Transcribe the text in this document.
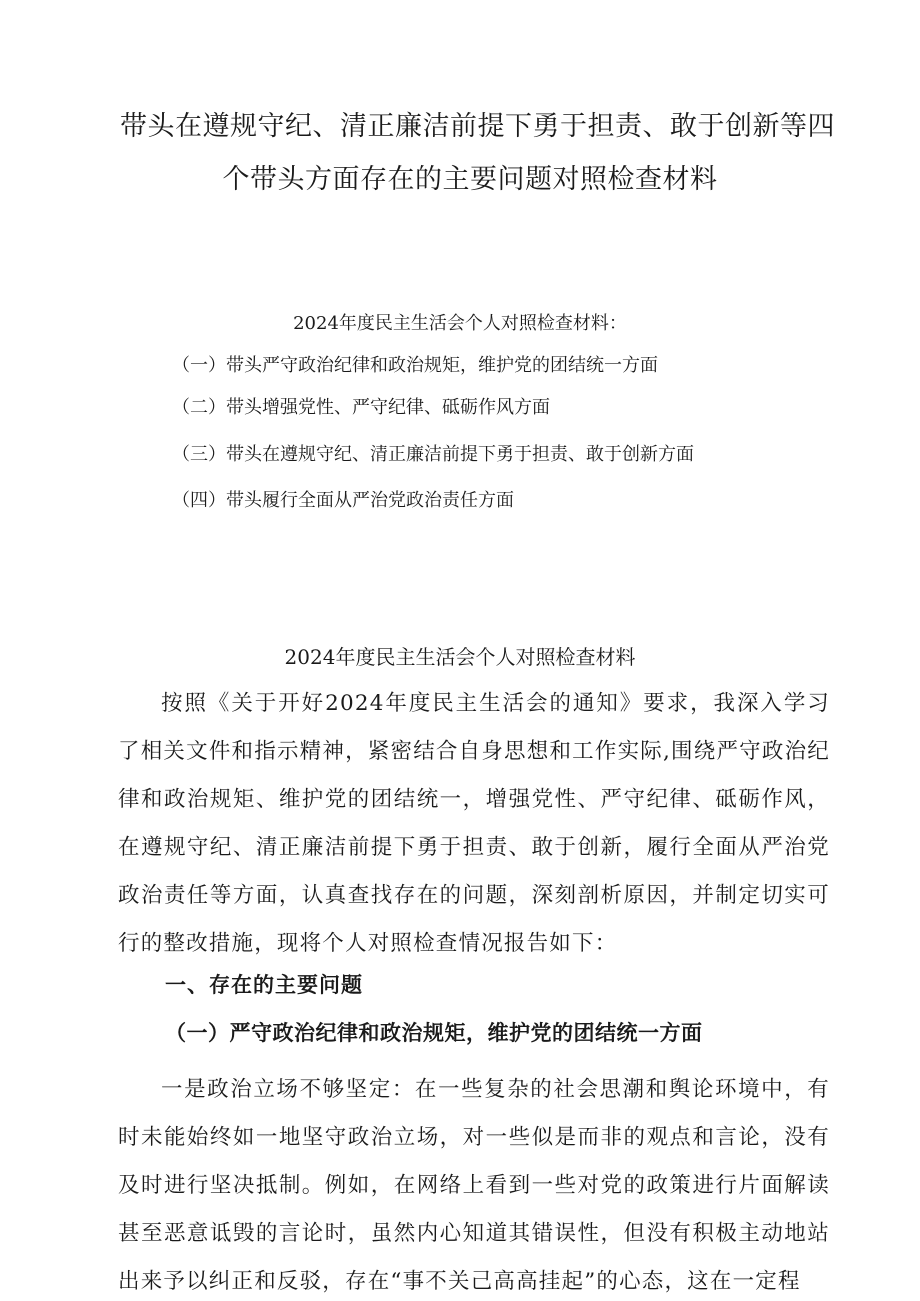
带头在遵规守纪、清正廉洁前提下勇于担责、敢于创新等四
个带头方面存在的主要问题对照检查材料
2024年度民主生活会个人对照检查材料：
（一）带头严守政治纪律和政治规矩，维护党的团结统一方面
（二）带头增强党性、严守纪律、砥砺作风方面
（三）带头在遵规守纪、清正廉洁前提下勇于担责、敢于创新方面
（四）带头履行全面从严治党政治责任方面
2024年度民主生活会个人对照检查材料

按照《关于开好2024年度民主生活会的通知》要求，我深入学习了相关文件和指示精神，紧密结合自身思想和工作实际,围绕严守政治纪律和政治规矩、维护党的团结统一，增强党性、严守纪律、砥砺作风，在遵规守纪、清正廉洁前提下勇于担责、敢于创新，履行全面从严治党政治责任等方面，认真查找存在的问题，深刻剖析原因，并制定切实可行的整改措施，现将个人对照检查情况报告如下：

一、存在的主要问题
（一）严守政治纪律和政治规矩，维护党的团结统一方面

一是政治立场不够坚定：在一些复杂的社会思潮和舆论环境中，有时未能始终如一地坚守政治立场，对一些似是而非的观点和言论，没有及时进行坚决抵制。例如，在网络上看到一些对党的政策进行片面解读甚至恶意诋毁的言论时，虽然内心知道其错误性，但没有积极主动地站出来予以纠正和反驳，存在“事不关己高高挂起”的心态，这在一定程
